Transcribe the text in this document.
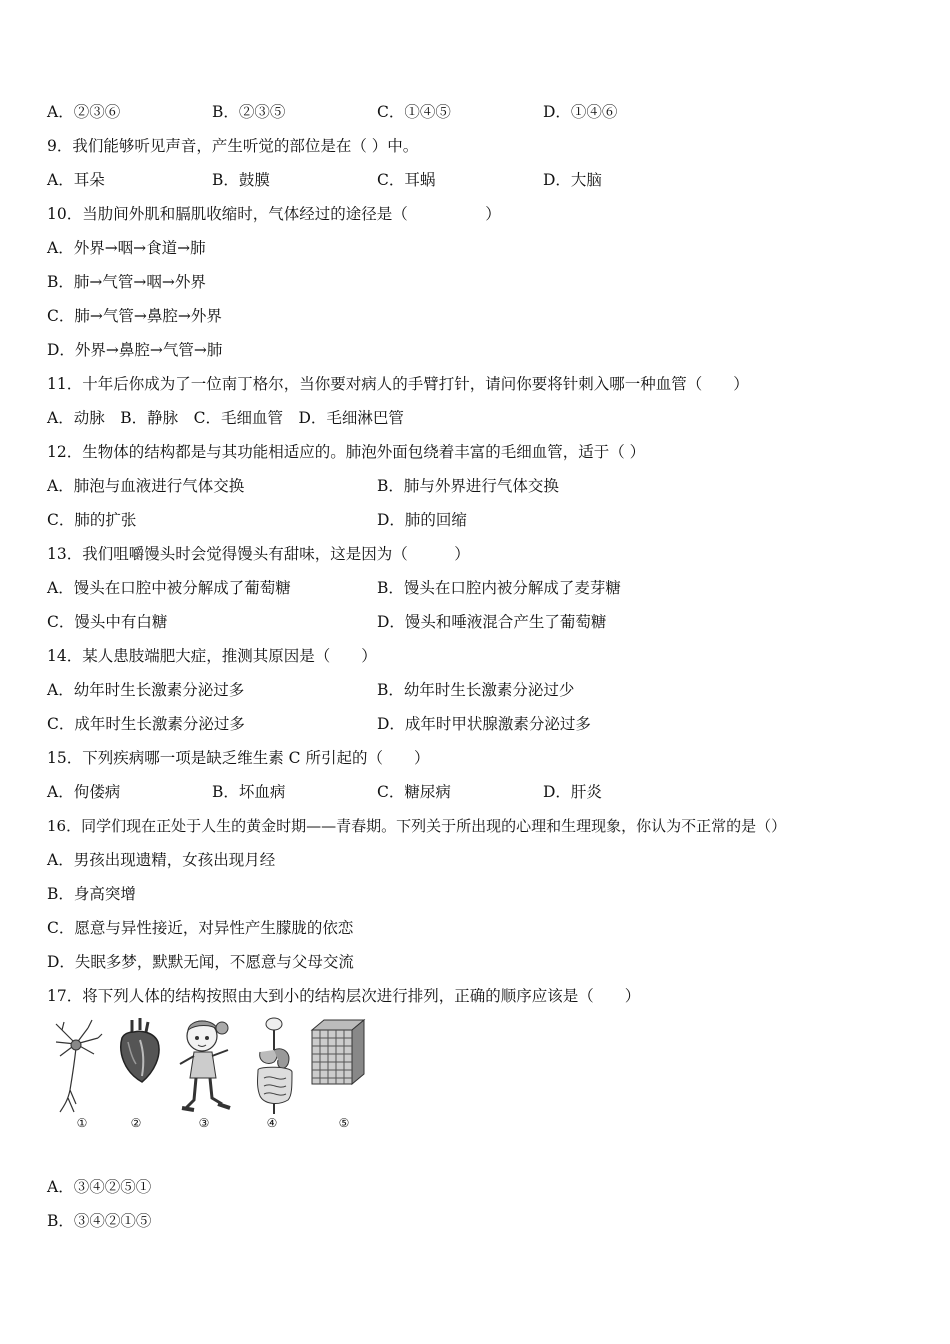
A．②③⑥	B．②③⑤	C．①④⑤	D．①④⑥
9．我们能够听见声音，产生听觉的部位是在（ ）中。
A．耳朵	B．鼓膜	C．耳蜗	D．大脑
10．当肋间外肌和膈肌收缩时，气体经过的途径是（　　　　　）
A．外界→咽→食道→肺
B．肺→气管→咽→外界
C．肺→气管→鼻腔→外界
D．外界→鼻腔→气管→肺
11．十年后你成为了一位南丁格尔，当你要对病人的手臂打针，请问你要将针刺入哪一种血管（　　）
A．动脉　B．静脉　C．毛细血管　D．毛细淋巴管
12．生物体的结构都是与其功能相适应的。肺泡外面包绕着丰富的毛细血管，适于（ ）
A．肺泡与血液进行气体交换	B．肺与外界进行气体交换
C．肺的扩张	D．肺的回缩
13．我们咀嚼馒头时会觉得馒头有甜味，这是因为（　　　）
A．馒头在口腔中被分解成了葡萄糖	B．馒头在口腔内被分解成了麦芽糖
C．馒头中有白糖	D．馒头和唾液混合产生了葡萄糖
14．某人患肢端肥大症，推测其原因是（　　）
A．幼年时生长激素分泌过多	B．幼年时生长激素分泌过少
C．成年时生长激素分泌过多	D．成年时甲状腺激素分泌过多
15．下列疾病哪一项是缺乏维生素 C 所引起的（　　）
A．佝偻病	B．坏血病	C．糖尿病	D．肝炎
16．同学们现在正处于人生的黄金时期——青春期。下列关于所出现的心理和生理现象，你认为不正常的是（）
A．男孩出现遗精，女孩出现月经
B．身高突增
C．愿意与异性接近，对异性产生朦胧的依恋
D．失眠多梦，默默无闻，不愿意与父母交流
17．将下列人体的结构按照由大到小的结构层次进行排列，正确的顺序应该是（　　）
①	②	③	④	⑤
A．③④②⑤①
B．③④②①⑤
